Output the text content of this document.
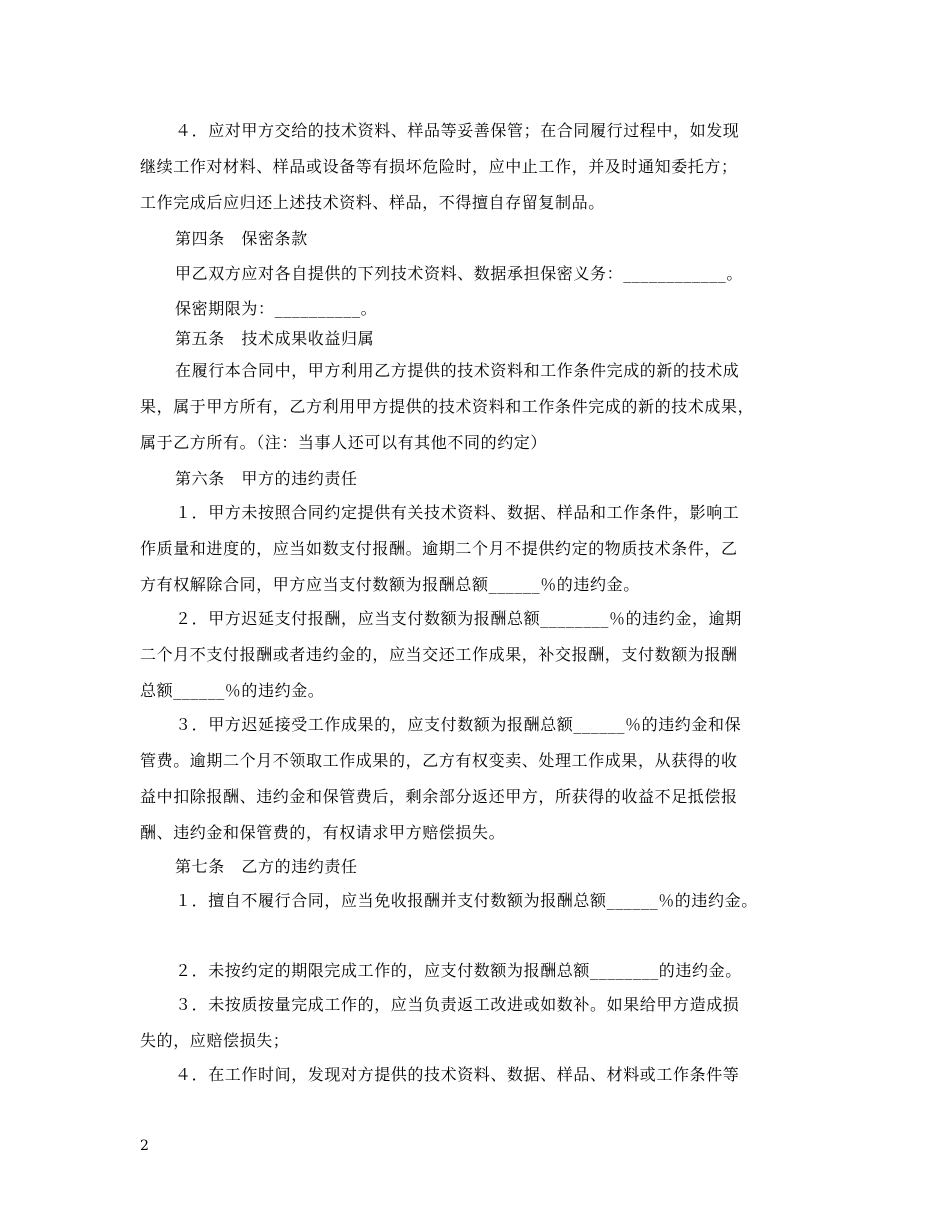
４．应对甲方交给的技术资料、样品等妥善保管；在合同履行过程中，如发现
继续工作对材料、样品或设备等有损坏危险时，应中止工作，并及时通知委托方；
工作完成后应归还上述技术资料、样品，不得擅自存留复制品。
第四条　保密条款
甲乙双方应对各自提供的下列技术资料、数据承担保密义务：____________。
保密期限为：__________。
第五条　技术成果收益归属
在履行本合同中，甲方利用乙方提供的技术资料和工作条件完成的新的技术成
果，属于甲方所有，乙方利用甲方提供的技术资料和工作条件完成的新的技术成果，
属于乙方所有。（注：当事人还可以有其他不同的约定）
第六条　甲方的违约责任
１．甲方未按照合同约定提供有关技术资料、数据、样品和工作条件，影响工
作质量和进度的，应当如数支付报酬。逾期二个月不提供约定的物质技术条件，乙
方有权解除合同，甲方应当支付数额为报酬总额______％的违约金。
２．甲方迟延支付报酬，应当支付数额为报酬总额________％的违约金，逾期
二个月不支付报酬或者违约金的，应当交还工作成果，补交报酬，支付数额为报酬
总额______％的违约金。
３．甲方迟延接受工作成果的，应支付数额为报酬总额______％的违约金和保
管费。逾期二个月不领取工作成果的，乙方有权变卖、处理工作成果，从获得的收
益中扣除报酬、违约金和保管费后，剩余部分返还甲方，所获得的收益不足抵偿报
酬、违约金和保管费的，有权请求甲方赔偿损失。
第七条　乙方的违约责任
１．擅自不履行合同，应当免收报酬并支付数额为报酬总额______％的违约金。
２．未按约定的期限完成工作的，应支付数额为报酬总额________的违约金。
３．未按质按量完成工作的，应当负责返工改进或如数补。如果给甲方造成损
失的，应赔偿损失；
４．在工作时间，发现对方提供的技术资料、数据、样品、材料或工作条件等
2
